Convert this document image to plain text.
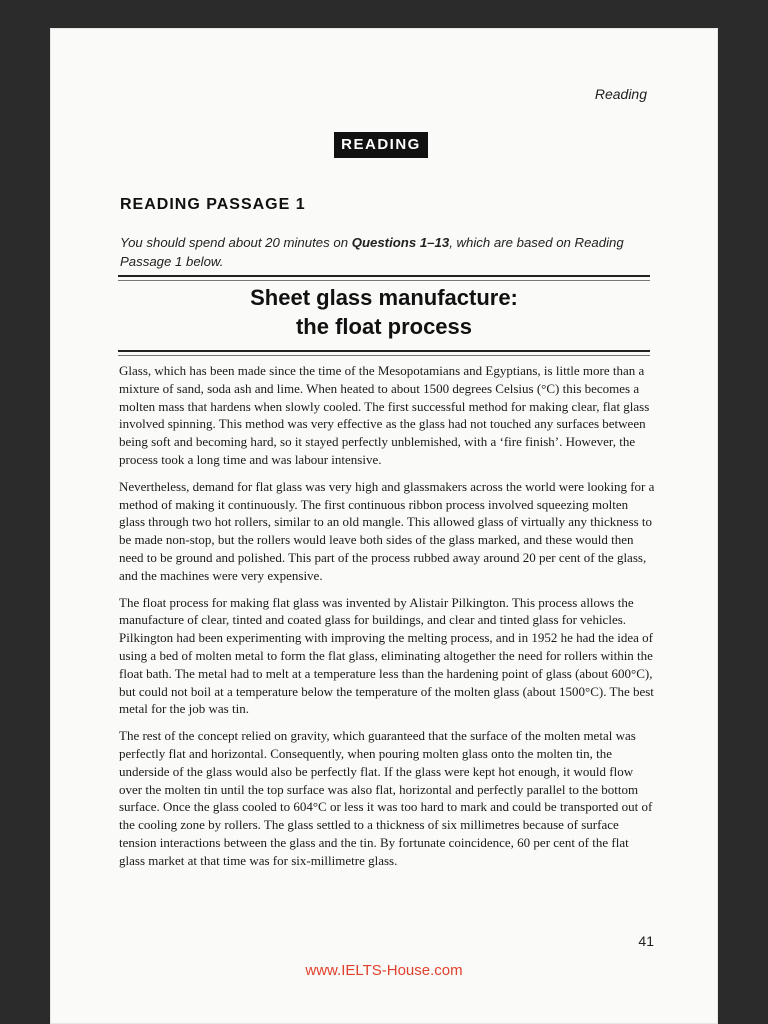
Reading
READING
READING PASSAGE 1
You should spend about 20 minutes on Questions 1–13, which are based on Reading Passage 1 below.
Sheet glass manufacture:
the float process

Glass, which has been made since the time of the Mesopotamians and Egyptians, is little more than a mixture of sand, soda ash and lime. When heated to about 1500 degrees Celsius (°C) this becomes a molten mass that hardens when slowly cooled. The first successful method for making clear, flat glass involved spinning. This method was very effective as the glass had not touched any surfaces between being soft and becoming hard, so it stayed perfectly unblemished, with a ‘fire finish’. However, the process took a long time and was labour intensive.

Nevertheless, demand for flat glass was very high and glassmakers across the world were looking for a method of making it continuously. The first continuous ribbon process involved squeezing molten glass through two hot rollers, similar to an old mangle. This allowed glass of virtually any thickness to be made non-stop, but the rollers would leave both sides of the glass marked, and these would then need to be ground and polished. This part of the process rubbed away around 20 per cent of the glass, and the machines were very expensive.

The float process for making flat glass was invented by Alistair Pilkington. This process allows the manufacture of clear, tinted and coated glass for buildings, and clear and tinted glass for vehicles. Pilkington had been experimenting with improving the melting process, and in 1952 he had the idea of using a bed of molten metal to form the flat glass, eliminating altogether the need for rollers within the float bath. The metal had to melt at a temperature less than the hardening point of glass (about 600°C), but could not boil at a temperature below the temperature of the molten glass (about 1500°C). The best metal for the job was tin.

The rest of the concept relied on gravity, which guaranteed that the surface of the molten metal was perfectly flat and horizontal. Consequently, when pouring molten glass onto the molten tin, the underside of the glass would also be perfectly flat. If the glass were kept hot enough, it would flow over the molten tin until the top surface was also flat, horizontal and perfectly parallel to the bottom surface. Once the glass cooled to 604°C or less it was too hard to mark and could be transported out of the cooling zone by rollers. The glass settled to a thickness of six millimetres because of surface tension interactions between the glass and the tin. By fortunate coincidence, 60 per cent of the flat glass market at that time was for six-millimetre glass.

41
www.IELTS-House.com
